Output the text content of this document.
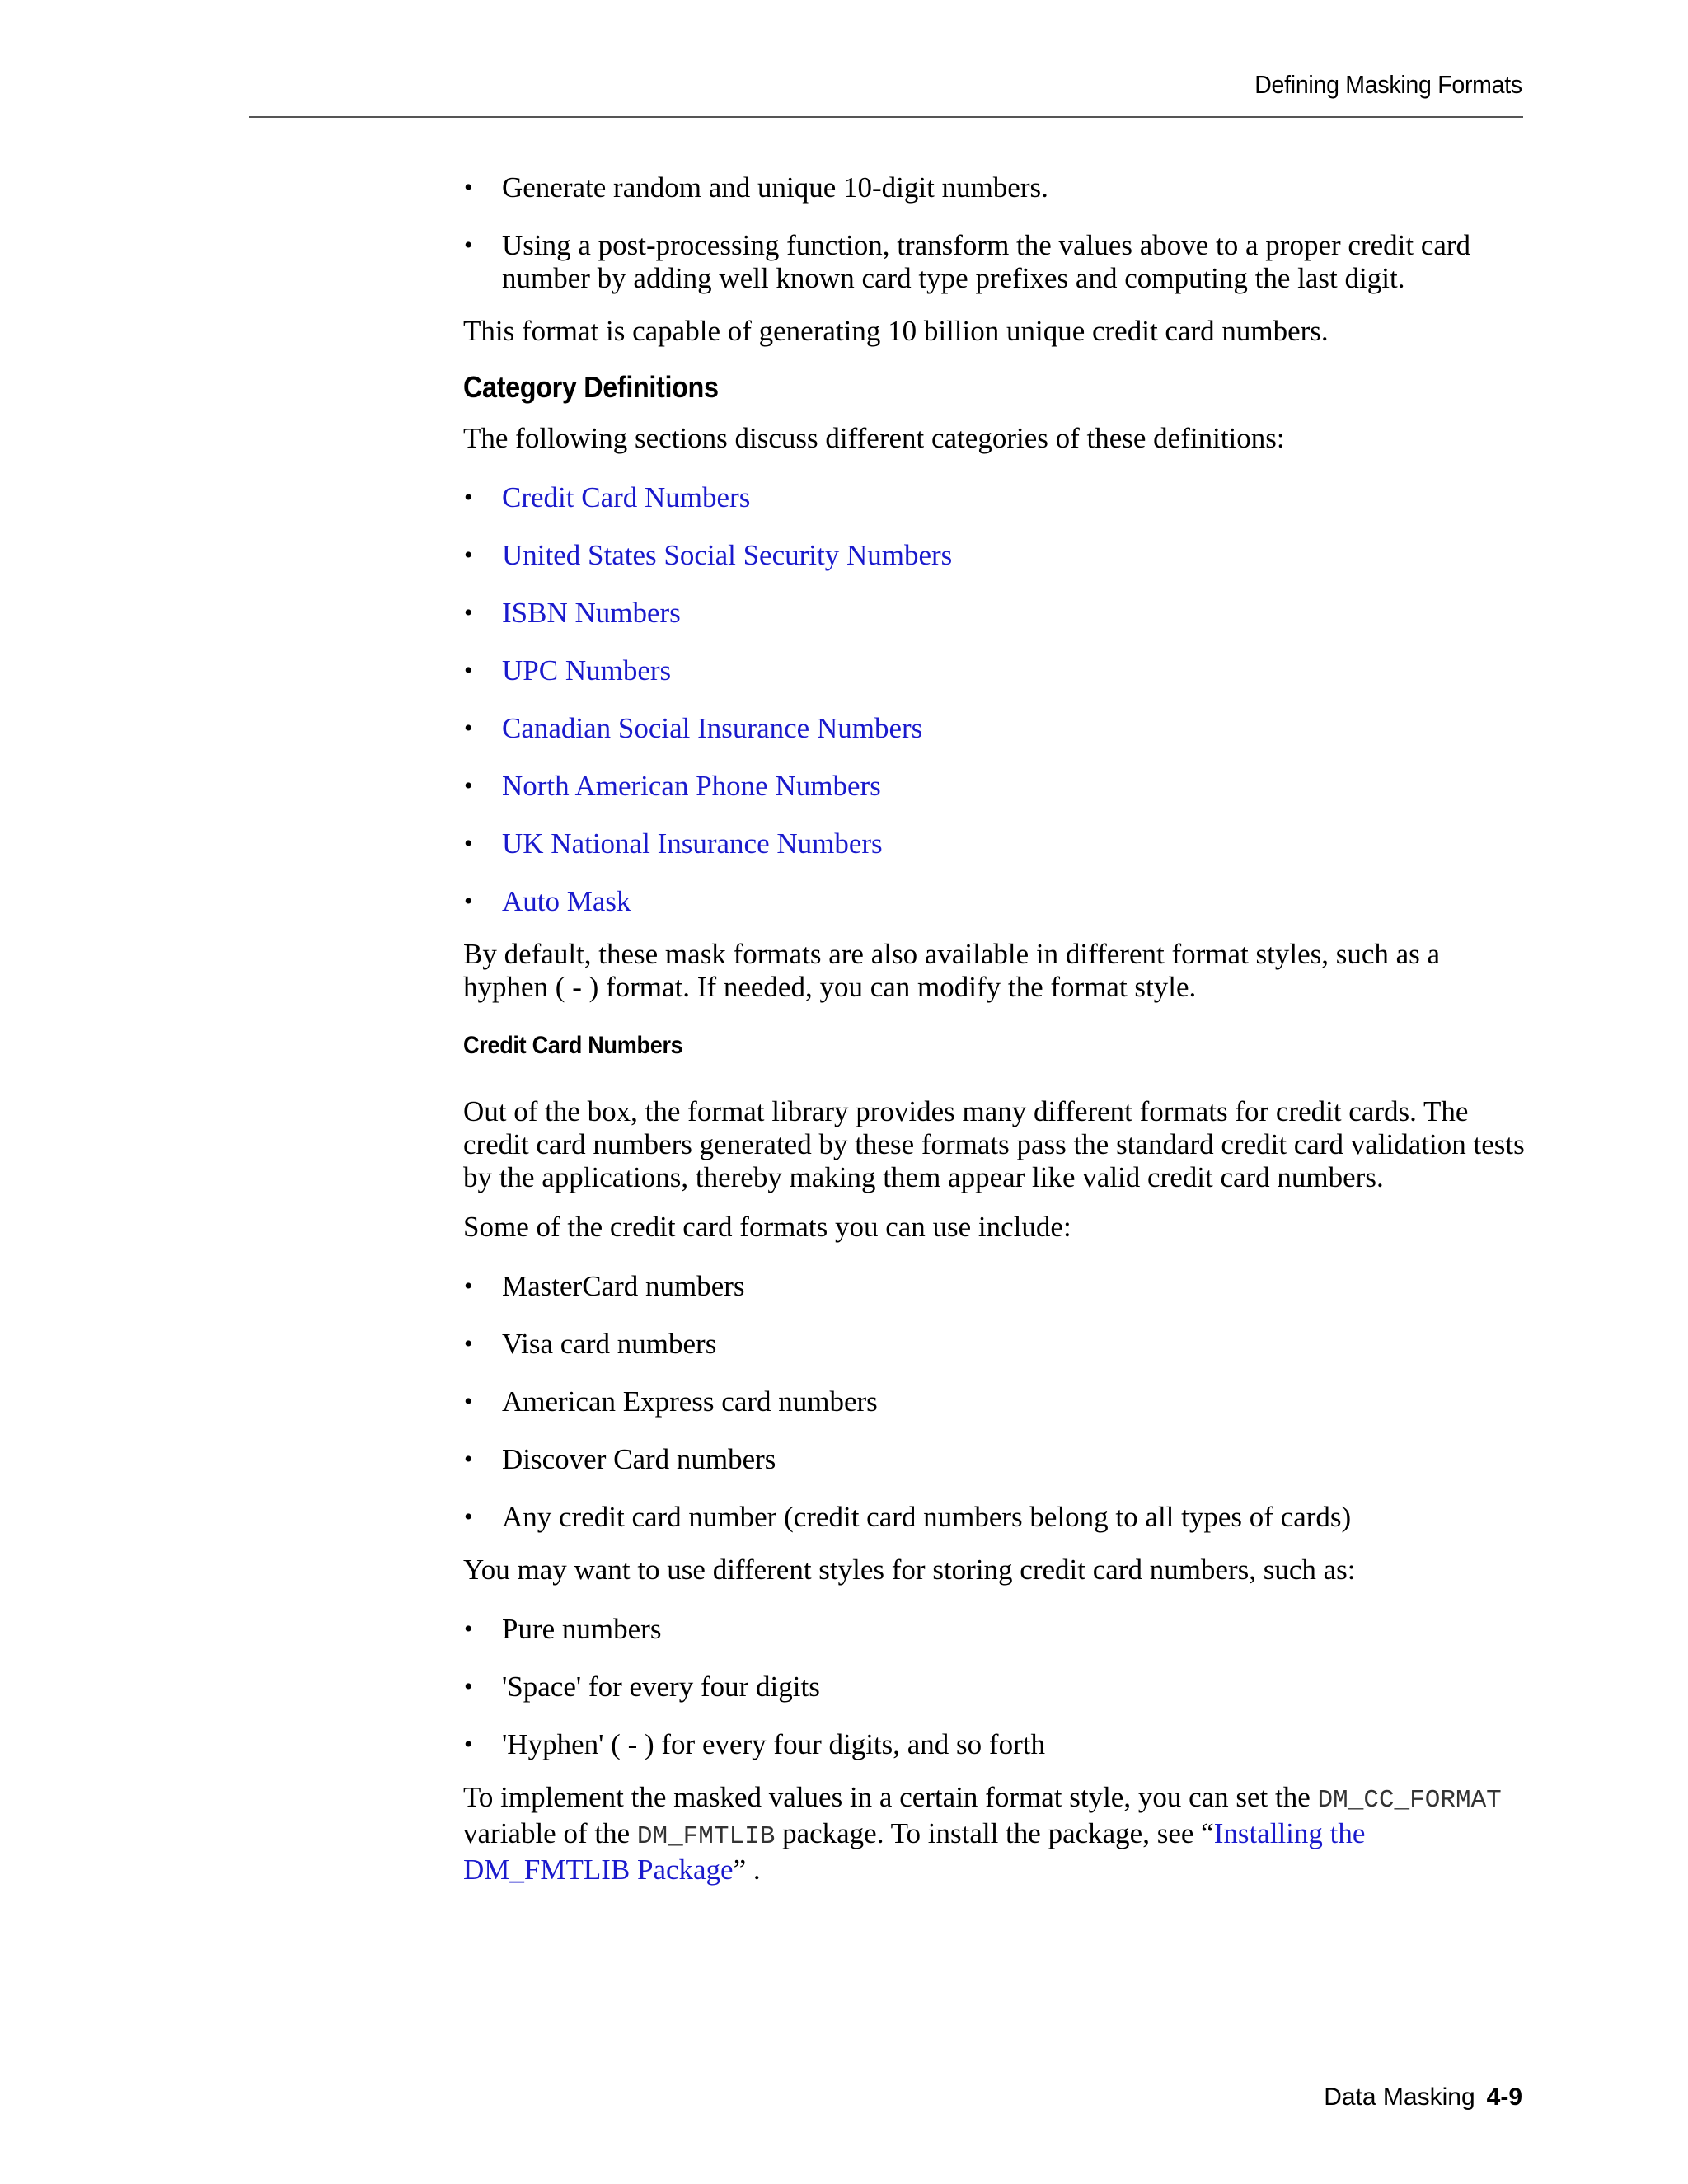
Defining Masking Formats
• Generate random and unique 10-digit numbers.
• Using a post-processing function, transform the values above to a proper credit card number by adding well known card type prefixes and computing the last digit.

This format is capable of generating 10 billion unique credit card numbers.

Category Definitions

The following sections discuss different categories of these definitions:

• Credit Card Numbers
• United States Social Security Numbers
• ISBN Numbers
• UPC Numbers
• Canadian Social Insurance Numbers
• North American Phone Numbers
• UK National Insurance Numbers
• Auto Mask

By default, these mask formats are also available in different format styles, such as a hyphen ( - ) format. If needed, you can modify the format style.

Credit Card Numbers

Out of the box, the format library provides many different formats for credit cards. The credit card numbers generated by these formats pass the standard credit card validation tests by the applications, thereby making them appear like valid credit card numbers.

Some of the credit card formats you can use include:

• MasterCard numbers
• Visa card numbers
• American Express card numbers
• Discover Card numbers
• Any credit card number (credit card numbers belong to all types of cards)

You may want to use different styles for storing credit card numbers, such as:

• Pure numbers
• 'Space' for every four digits
• 'Hyphen' ( - ) for every four digits, and so forth

To implement the masked values in a certain format style, you can set the DM_CC_FORMAT variable of the DM_FMTLIB package. To install the package, see “Installing the DM_FMTLIB Package” .

Data Masking 4-9
